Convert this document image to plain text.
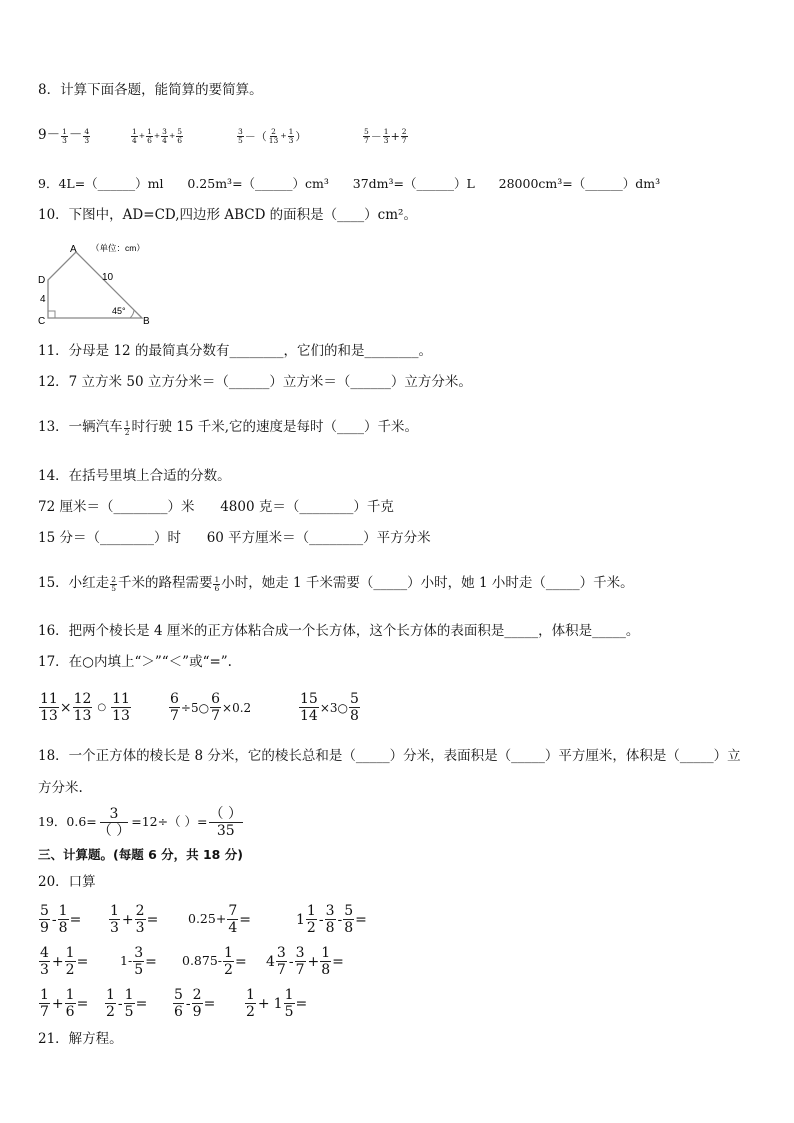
8．计算下面各题，能简算的要简算。
$9- \frac{1}{3} - \frac{4}{3}$	$\frac{1}{4} + \frac{1}{6} + \frac{3}{4} + \frac{5}{6}$	$\frac{3}{5}$ －（ $\frac{2}{13} + \frac{1}{3}$ ）	$\frac{5}{7} - \frac{1}{3} + \frac{2}{7}$
9．4L=（______）ml      0.25m³=（______）cm³      37dm³=（______）L      28000cm³=（______）dm³
10．下图中，AD=CD,四边形 ABCD 的面积是（____）cm²。
A （单位：cm）
D	10
4
45°
C	B
11．分母是 12 的最简真分数有________，它们的和是________。
12．7 立方米 50 立方分米＝（______）立方米＝（______）立方分米。
13．一辆汽车 $\frac{1}{2}$ 时行驶 15 千米,它的速度是每时（____）千米。
14．在括号里填上合适的分数。
72 厘米＝（________）米      4800 克＝（________）千克
15 分＝（________）时      60 平方厘米＝（________）平方分米
15．小红走 $\frac{2}{5}$ 千米的路程需要 $\frac{1}{6}$ 小时，她走 1 千米需要（_____）小时，她 1 小时走（_____）千米。
16．把两个棱长是 4 厘米的正方体粘合成一个长方体，这个长方体的表面积是_____，体积是_____。
17．在○内填上“＞”“＜”或“=”.
$\frac{11}{13} \times \frac{12}{13}$ ○ $\frac{11}{13}$	$\frac{6}{7}$ ÷5○ $\frac{6}{7} \times 0.2$	$\frac{15}{14}$ ×3○ $\frac{5}{8}$
18．一个正方体的棱长是 8 分米，它的棱长总和是（_____）分米，表面积是（_____）平方厘米，体积是（_____）立
方分米.
19．$0.6= \frac{3}{( )} =12\div$（ ）= $\frac{( )}{35}$
三、计算题。(每题 6 分，共 18 分)
20．口算
$\frac{5}{9} - \frac{1}{8} = \frac{1}{3} + \frac{2}{3} = 0.25+ \frac{7}{4}$ =	$1 \frac{1}{2} - \frac{3}{8} - \frac{5}{8}$ =
$\frac{4}{3} + \frac{1}{2}$ =	$1- \frac{3}{5} = 0.875- \frac{1}{2} = 4 \frac{3}{7} - \frac{3}{7} + \frac{1}{8}$ =
$\frac{1}{7} + \frac{1}{6} = \frac{1}{2} - \frac{1}{5} = \frac{5}{6} - \frac{2}{9} = \frac{1}{2} + 1 \frac{1}{5}$ =
21．解方程。
